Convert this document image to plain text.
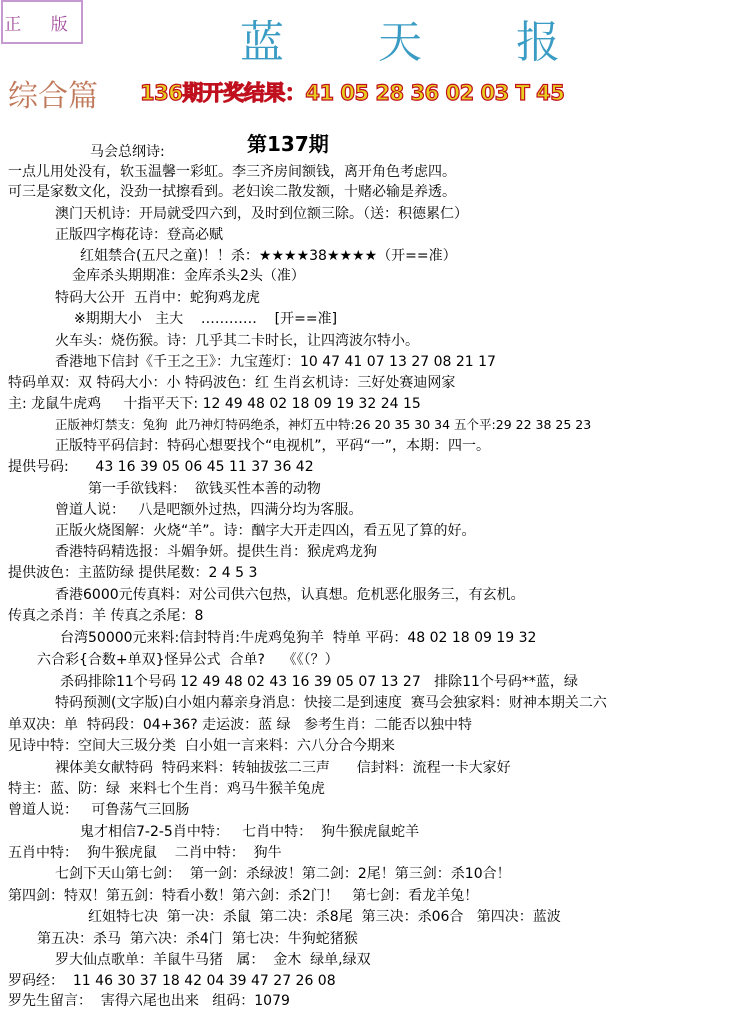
正 版	蓝 天 报
综合篇 136期开奖结果：41 05 28 36 02 03 T 45
第137期
马会总纲诗:
一点儿用处没有，软玉温馨一彩虹。李三齐房间额钱，离开角色考虑四。
可三是家数文化，没劲一拭擦看到。老妇诶二散发额，十赌必输是养透。
澳门天机诗：开局就受四六到，及时到位额三除。（送：积德累仁）
正版四字梅花诗：登高必赋
红姐禁合(五尺之童)！！杀：★★★★38★★★★（开==准）
金库杀头期期准：金库杀头2头（准）
特码大公开  五肖中：蛇狗鸡龙虎
※期期大小   主大    …………    [开==准]
火车头：烧伤猴。诗：几乎其二卡时长，让四湾波尔特小。
香港地下信封《千王之王》：九宝莲灯：10 47 41 07 13 27 08 21 17
特码单双：双 特码大小：小 特码波色：红 生肖玄机诗：三好处赛迪网家
主: 龙鼠牛虎鸡     十指平天下: 12 49 48 02 18 09 19 32 24 15
正版神灯禁支：兔狗  此乃神灯特码绝杀，神灯五中特:26 20 35 30 34 五个平:29 22 38 25 23
正版特平码信封：特码心想要找个“电视机”，平码“一”，本期：四一。
提供号码:      43 16 39 05 06 45 11 37 36 42
第一手欲钱料：  欲钱买性本善的动物
曾道人说：   八是吧额外过热，四满分均为客服。
正版火烧图解：火烧“羊”。诗：酗字大开走四凶，看五见了算的好。
香港特码精选报：斗媚争妍。提供生肖：猴虎鸡龙狗
提供波色：主蓝防绿 提供尾数：2 4 5 3
香港6000元传真料：对公司供六包热，认真想。危机恶化服务三，有玄机。
传真之杀肖：羊 传真之杀尾：8
台湾50000元来料:信封特肖:牛虎鸡兔狗羊  特单 平码：48 02 18 09 19 32
六合彩{合数+单双}怪异公式  合单?    《《（？）
杀码排除11个号码 12 49 48 02 43 16 39 05 07 13 27   排除11个号码**蓝，绿
特码预测(文字版)白小姐内幕亲身消息：快接二是到速度  赛马会独家料：财神本期关二六
单双决：单  特码段：04+36? 走运波：蓝 绿   参考生肖：二能否以独中特
见诗中特：空间大三圾分类  白小姐一言来料：六八分合今期来
裸体美女献特码  特码来料：转轴拔弦二三声      信封料：流程一卡大家好
特主：蓝、防：绿  来料七个生肖：鸡马牛猴羊兔虎
曾道人说：   可鲁荡气三回肠
鬼才相信7-2-5肖中特：   七肖中特：  狗牛猴虎鼠蛇羊
五肖中特：  狗牛猴虎鼠    二肖中特：  狗牛
七剑下天山第七剑：  第一剑：杀绿波！第二剑：2尾！第三剑：杀10合！
第四剑：特双！第五剑：特看小数！第六剑：杀2门！   第七剑：看龙羊兔！
红姐特七决  第一决：杀鼠  第二决：杀8尾  第三决：杀06合   第四决：蓝波
第五决：杀马  第六决：杀4门  第七决：牛狗蛇猪猴
罗大仙点歌单：羊鼠牛马猪   属：  金木  绿单,绿双
罗码经：  11 46 30 37 18 42 04 39 47 27 26 08
罗先生留言：  害得六尾也出来   组码：1079
